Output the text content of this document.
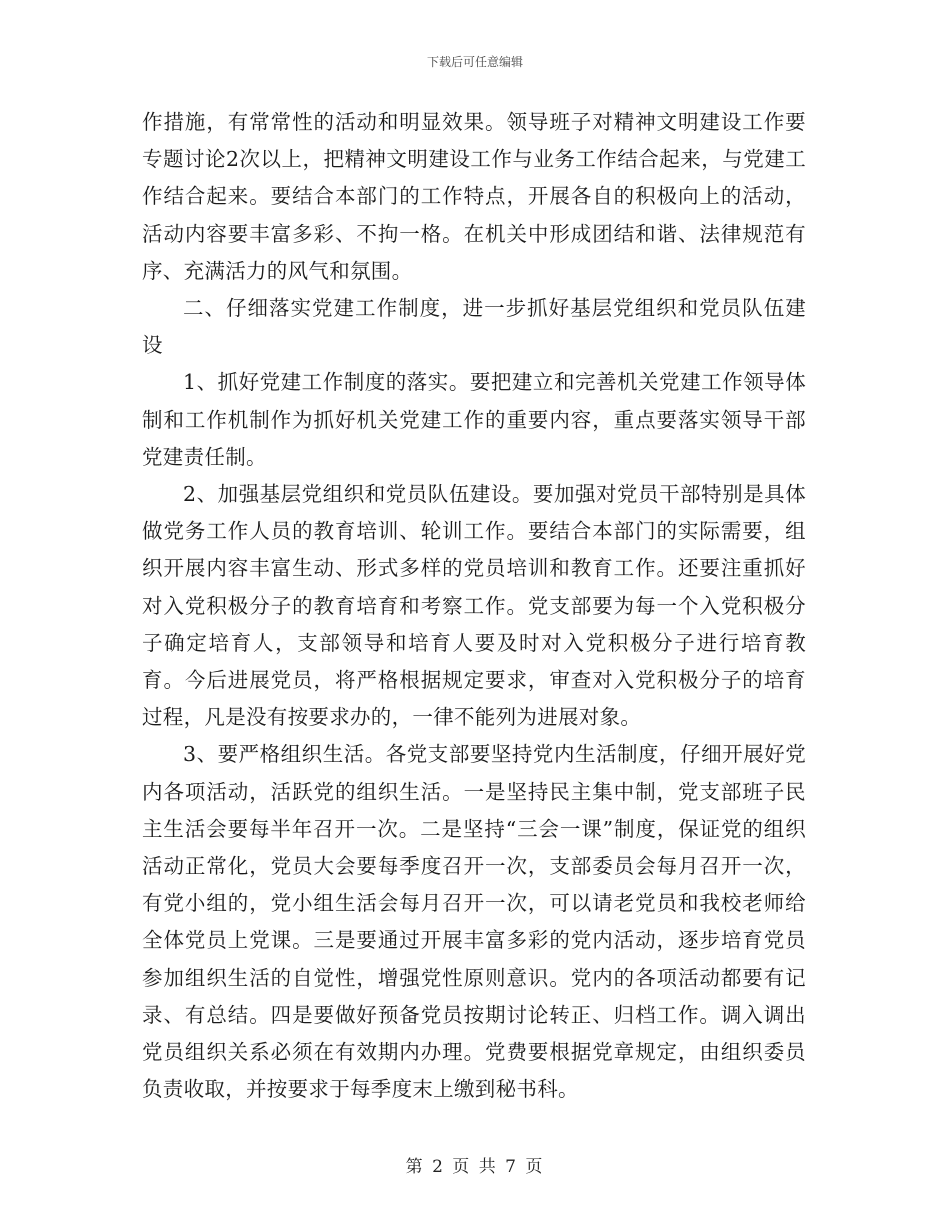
下载后可任意编辑

作措施，有常常性的活动和明显效果。领导班子对精神文明建设工作要专题讨论2次以上，把精神文明建设工作与业务工作结合起来，与党建工作结合起来。要结合本部门的工作特点，开展各自的积极向上的活动，活动内容要丰富多彩、不拘一格。在机关中形成团结和谐、法律规范有序、充满活力的风气和氛围。

二、仔细落实党建工作制度，进一步抓好基层党组织和党员队伍建设

1、抓好党建工作制度的落实。要把建立和完善机关党建工作领导体制和工作机制作为抓好机关党建工作的重要内容，重点要落实领导干部党建责任制。

2、加强基层党组织和党员队伍建设。要加强对党员干部特别是具体做党务工作人员的教育培训、轮训工作。要结合本部门的实际需要，组织开展内容丰富生动、形式多样的党员培训和教育工作。还要注重抓好对入党积极分子的教育培育和考察工作。党支部要为每一个入党积极分子确定培育人，支部领导和培育人要及时对入党积极分子进行培育教育。今后进展党员，将严格根据规定要求，审查对入党积极分子的培育过程，凡是没有按要求办的，一律不能列为进展对象。

3、要严格组织生活。各党支部要坚持党内生活制度，仔细开展好党内各项活动，活跃党的组织生活。一是坚持民主集中制，党支部班子民主生活会要每半年召开一次。二是坚持“三会一课”制度，保证党的组织活动正常化，党员大会要每季度召开一次，支部委员会每月召开一次，有党小组的，党小组生活会每月召开一次，可以请老党员和我校老师给全体党员上党课。三是要通过开展丰富多彩的党内活动，逐步培育党员参加组织生活的自觉性，增强党性原则意识。党内的各项活动都要有记录、有总结。四是要做好预备党员按期讨论转正、归档工作。调入调出党员组织关系必须在有效期内办理。党费要根据党章规定，由组织委员负责收取，并按要求于每季度末上缴到秘书科。

第 2 页 共 7 页
